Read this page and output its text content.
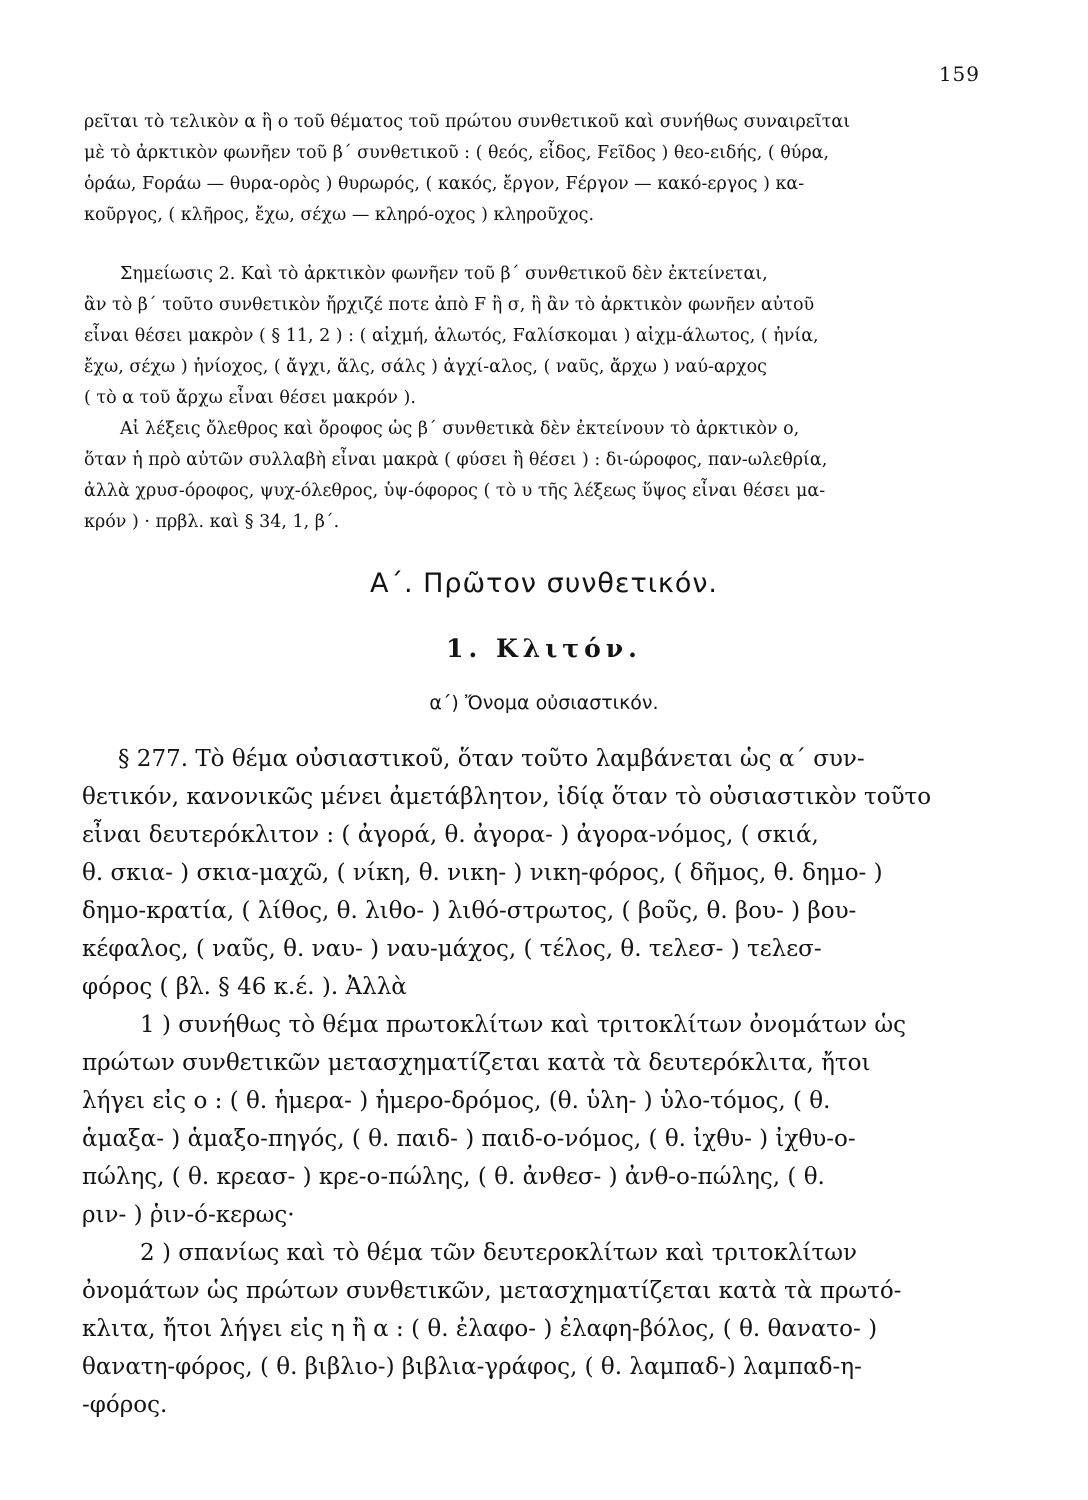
159
ρεῖται τὸ τελικὸν α ἢ ο τοῦ θέματος τοῦ πρώτου συνθετικοῦ καὶ συνήθως συναιρεῖται
μὲ τὸ ἀρκτικὸν φωνῆεν τοῦ β΄ συνθετικοῦ : ( θεός, εἶδος, Fεῖδος ) θεο-ειδής, ( θύρα,
ὁράω, Fοράω — θυρα-ορὸς ) θυρωρός, ( κακός, ἔργον, Fέργον — κακό-εργος ) κα-
κοῦργος, ( κλῆρος, ἔχω, σέχω — κληρό-οχος ) κληροῦχος.
Σημείωσις 2. Καὶ τὸ ἀρκτικὸν φωνῆεν τοῦ β΄ συνθετικοῦ δὲν ἐκτείνεται,
ἂν τὸ β΄ τοῦτο συνθετικὸν ἤρχιζέ ποτε ἀπὸ F ἢ σ, ἢ ἂν τὸ ἀρκτικὸν φωνῆεν αὐτοῦ
εἶναι θέσει μακρὸν ( § 11, 2 ) : ( αἰχμή, ἁλωτός, Fαλίσκομαι ) αἰχμ-άλωτος, ( ἡνία,
ἔχω, σέχω ) ἡνίοχος, ( ἄγχι, ἅλς, σάλς ) ἀγχί-αλος, ( ναῦς, ἄρχω ) ναύ-αρχος
( τὸ α τοῦ ἄρχω εἶναι θέσει μακρόν ).
Αἱ λέξεις ὄλεθρος καὶ ὄροφος ὡς β΄ συνθετικὰ δὲν ἐκτείνουν τὸ ἀρκτικὸν ο,
ὅταν ἡ πρὸ αὐτῶν συλλαβὴ εἶναι μακρὰ ( φύσει ἢ θέσει ) : δι-ώροφος, παν-ωλεθρία,
ἀλλὰ χρυσ-όροφος, ψυχ-όλεθρος, ὑψ-όφορος ( τὸ υ τῆς λέξεως ὕψος εἶναι θέσει μα-
κρόν ) · πρβλ. καὶ § 34, 1, β΄.
Α΄. Πρῶτον συνθετικόν.
1. Κλιτόν.
α΄) Ὄνομα οὐσιαστικόν.
§ 277. Τὸ θέμα οὐσιαστικοῦ, ὅταν τοῦτο λαμβάνεται ὡς α΄ συν-
θετικόν, κανονικῶς μένει ἀμετάβλητον, ἰδίᾳ ὅταν τὸ οὐσιαστικὸν τοῦτο
εἶναι δευτερόκλιτον : ( ἀγορά, θ. ἀγορα- ) ἀγορα-νόμος, ( σκιά,
θ. σκια- ) σκια-μαχῶ, ( νίκη, θ. νικη- ) νικη-φόρος, ( δῆμος, θ. δημο- )
δημο-κρατία, ( λίθος, θ. λιθο- ) λιθό-στρωτος, ( βοῦς, θ. βου- ) βου-
κέφαλος, ( ναῦς, θ. ναυ- ) ναυ-μάχος, ( τέλος, θ. τελεσ- ) τελεσ-
φόρος ( βλ. § 46 κ.έ. ). Ἀλλὰ
1 ) συνήθως τὸ θέμα πρωτοκλίτων καὶ τριτοκλίτων ὀνομάτων ὡς
πρώτων συνθετικῶν μετασχηματίζεται κατὰ τὰ δευτερόκλιτα, ἤτοι
λήγει εἰς ο : ( θ. ἡμερα- ) ἡμερο-δρόμος, (θ. ὑλη- ) ὑλο-τόμος, ( θ.
ἁμαξα- ) ἁμαξο-πηγός, ( θ. παιδ- ) παιδ-ο-νόμος, ( θ. ἰχθυ- ) ἰχθυ-ο-
πώλης, ( θ. κρεασ- ) κρε-ο-πώλης, ( θ. ἀνθεσ- ) ἀνθ-ο-πώλης, ( θ.
ριν- ) ῥιν-ό-κερως·
2 ) σπανίως καὶ τὸ θέμα τῶν δευτεροκλίτων καὶ τριτοκλίτων
ὀνομάτων ὡς πρώτων συνθετικῶν, μετασχηματίζεται κατὰ τὰ πρωτό-
κλιτα, ἤτοι λήγει εἰς η ἢ α : ( θ. ἐλαφο- ) ἐλαφη-βόλος, ( θ. θανατο- )
θανατη-φόρος, ( θ. βιβλιο-) βιβλια-γράφος, ( θ. λαμπαδ-) λαμπαδ-η-
-φόρος.
